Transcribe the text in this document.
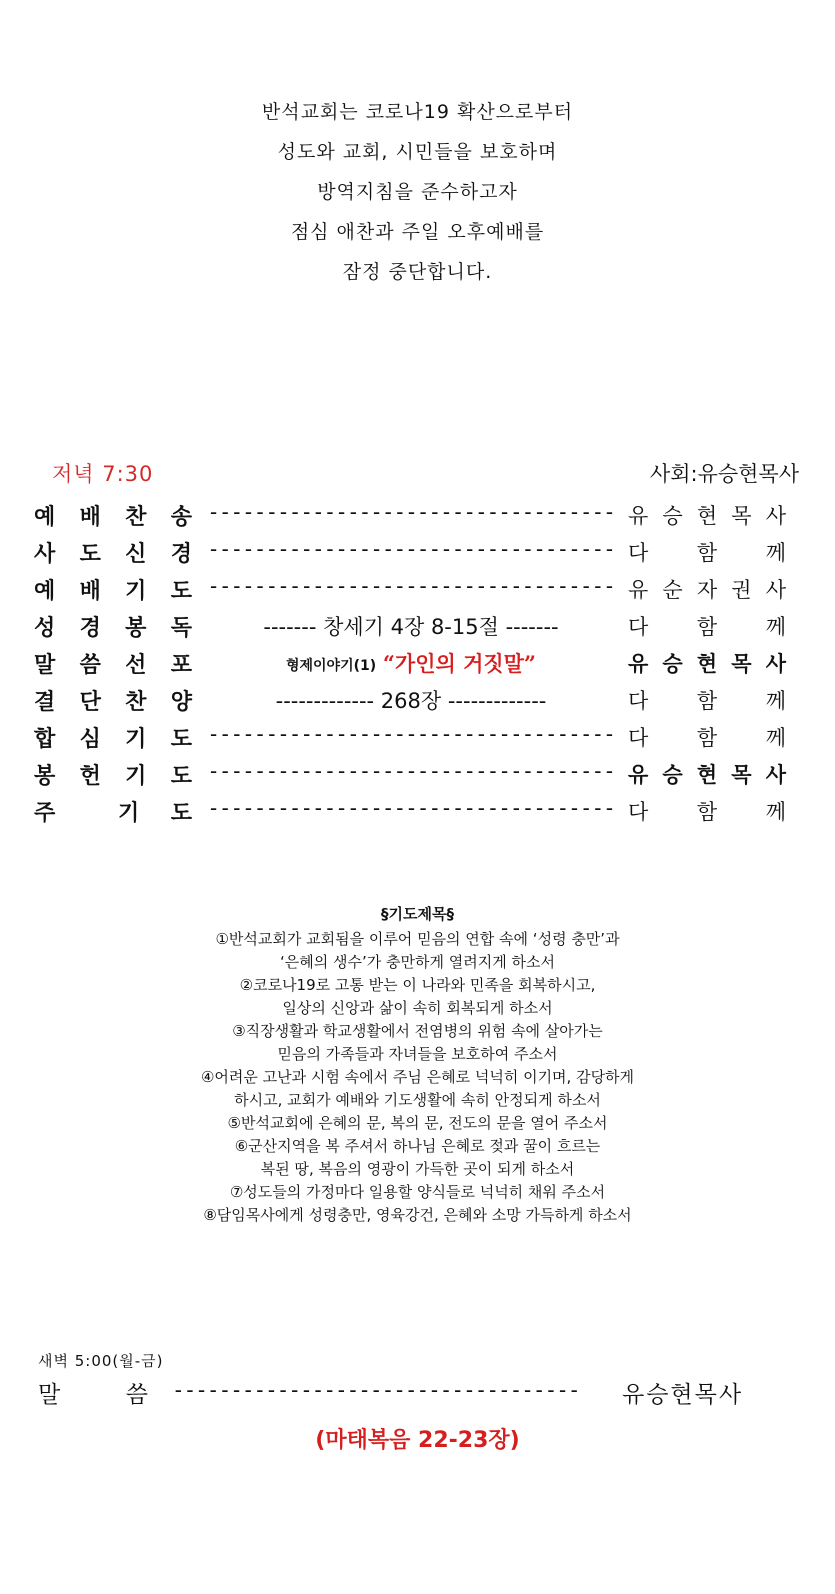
반석교회는 코로나19 확산으로부터
성도와 교회, 시민들을 보호하며
방역지침을 준수하고자
점심 애찬과 주일 오후예배를
잠정 중단합니다.
저녁 7:30	사회:유승현목사
예 배 찬 송 ----------------------------------- 유 승 현 목 사
사 도 신 경 ----------------------------------- 다 함 께
예 배 기 도 ----------------------------------- 유 순 자 권 사
성 경 봉 독	------- 창세기 4장 8-15절 -------	다 함 께
말 씀 선 포	형제이야기(1) “가인의 거짓말”	유 승 현 목 사
결 단 찬 양	------------- 268장 -------------	다 함 께
합 심 기 도 ----------------------------------- 다 함 께
봉 헌 기 도 ----------------------------------- 유 승 현 목 사
주	기 도 ----------------------------------- 다 함 께
§기도제목§
①반석교회가 교회됨을 이루어 믿음의 연합 속에 ‘성령 충만’과
‘은혜의 생수’가 충만하게 열려지게 하소서
②코로나19로 고통 받는 이 나라와 민족을 회복하시고,
일상의 신앙과 삶이 속히 회복되게 하소서
③직장생활과 학교생활에서 전염병의 위험 속에 살아가는
믿음의 가족들과 자녀들을 보호하여 주소서
④어려운 고난과 시험 속에서 주님 은혜로 넉넉히 이기며, 감당하게
하시고, 교회가 예배와 기도생활에 속히 안정되게 하소서
⑤반석교회에 은혜의 문, 복의 문, 전도의 문을 열어 주소서
⑥군산지역을 복 주셔서 하나님 은혜로 젖과 꿀이 흐르는
복된 땅, 복음의 영광이 가득한 곳이 되게 하소서
⑦성도들의 가정마다 일용할 양식들로 넉넉히 채워 주소서
⑧담임목사에게 성령충만, 영육강건, 은혜와 소망 가득하게 하소서
새벽 5:00(월-금)
말	씀 ----------------------------------- 유승현목사
(마태복음 22-23장)
